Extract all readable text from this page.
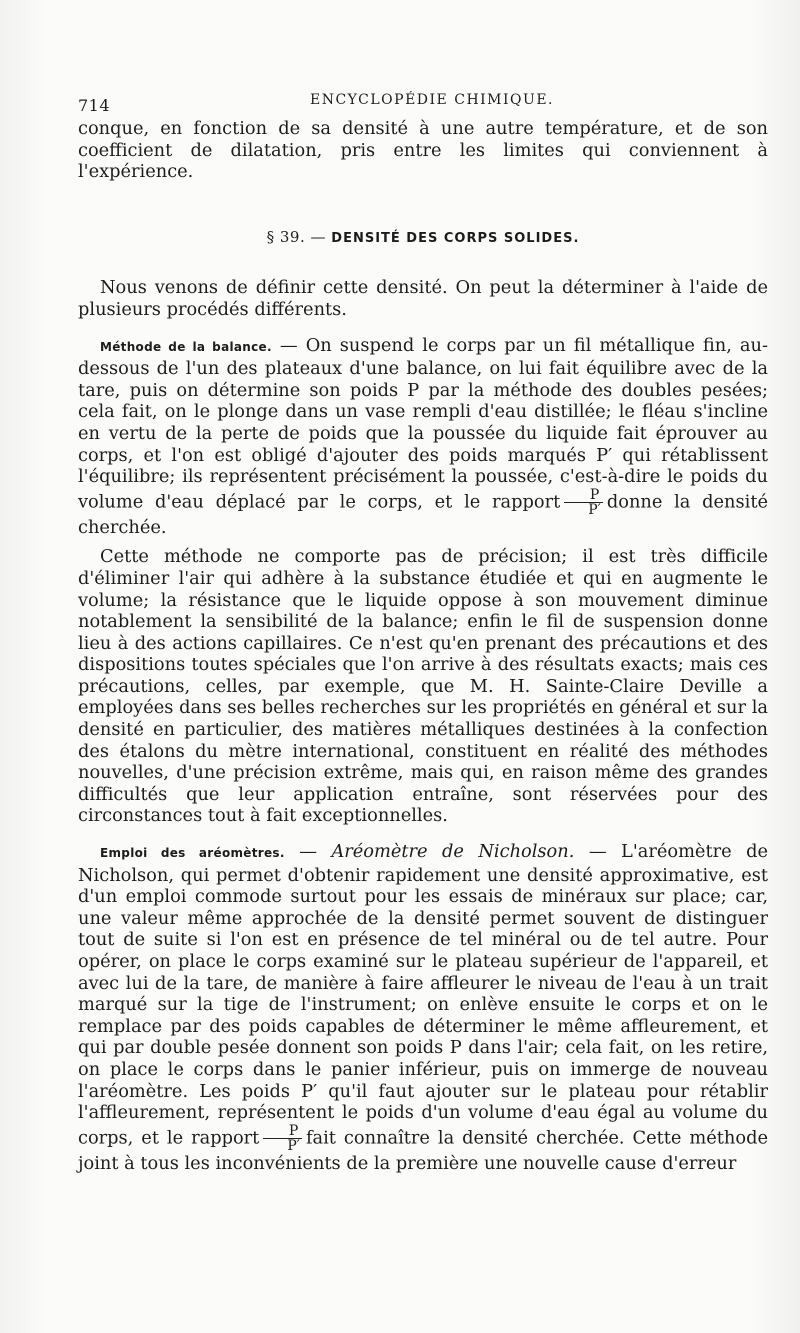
714	ENCYCLOPÉDIE CHIMIQUE.

conque, en fonction de sa densité à une autre température, et de son coefficient de dilatation, pris entre les limites qui conviennent à l'expérience.

§ 39. — DENSITÉ DES CORPS SOLIDES.

Nous venons de définir cette densité. On peut la déterminer à l'aide de plusieurs procédés différents.

Méthode de la balance. — On suspend le corps par un fil métallique fin, au-dessous de l'un des plateaux d'une balance, on lui fait équilibre avec de la tare, puis on détermine son poids P par la méthode des doubles pesées; cela fait, on le plonge dans un vase rempli d'eau distillée; le fléau s'incline en vertu de la perte de poids que la poussée du liquide fait éprouver au corps, et l'on est obligé d'ajouter des poids marqués P′ qui rétablissent l'équilibre; ils représentent précisément la poussée, c'est-à-dire le poids du volume d'eau déplacé par le corps, et le rapport $\frac{P}{P'}$ donne la densité cherchée.

Cette méthode ne comporte pas de précision; il est très difficile d'éliminer l'air qui adhère à la substance étudiée et qui en augmente le volume; la résistance que le liquide oppose à son mouvement diminue notablement la sensibilité de la balance; enfin le fil de suspension donne lieu à des actions capillaires. Ce n'est qu'en prenant des précautions et des dispositions toutes spéciales que l'on arrive à des résultats exacts; mais ces précautions, celles, par exemple, que M. H. Sainte-Claire Deville a employées dans ses belles recherches sur les propriétés en général et sur la densité en particulier, des matières métalliques destinées à la confection des étalons du mètre international, constituent en réalité des méthodes nouvelles, d'une précision extrême, mais qui, en raison même des grandes difficultés que leur application entraîne, sont réservées pour des circonstances tout à fait exceptionnelles.

Emploi des aréomètres. — Aréomètre de Nicholson. — L'aréomètre de Nicholson, qui permet d'obtenir rapidement une densité approximative, est d'un emploi commode surtout pour les essais de minéraux sur place; car, une valeur même approchée de la densité permet souvent de distinguer tout de suite si l'on est en présence de tel minéral ou de tel autre. Pour opérer, on place le corps examiné sur le plateau supérieur de l'appareil, et avec lui de la tare, de manière à faire affleurer le niveau de l'eau à un trait marqué sur la tige de l'instrument; on enlève ensuite le corps et on le remplace par des poids capables de déterminer le même affleurement, et qui par double pesée donnent son poids P dans l'air; cela fait, on les retire, on place le corps dans le panier inférieur, puis on immerge de nouveau l'aréomètre. Les poids P′ qu'il faut ajouter sur le plateau pour rétablir l'affleurement, représentent le poids d'un volume d'eau égal au volume du corps, et le rapport $\frac{P}{P'}$ fait connaître la densité cherchée. Cette méthode joint à tous les inconvénients de la première une nouvelle cause d'erreur
